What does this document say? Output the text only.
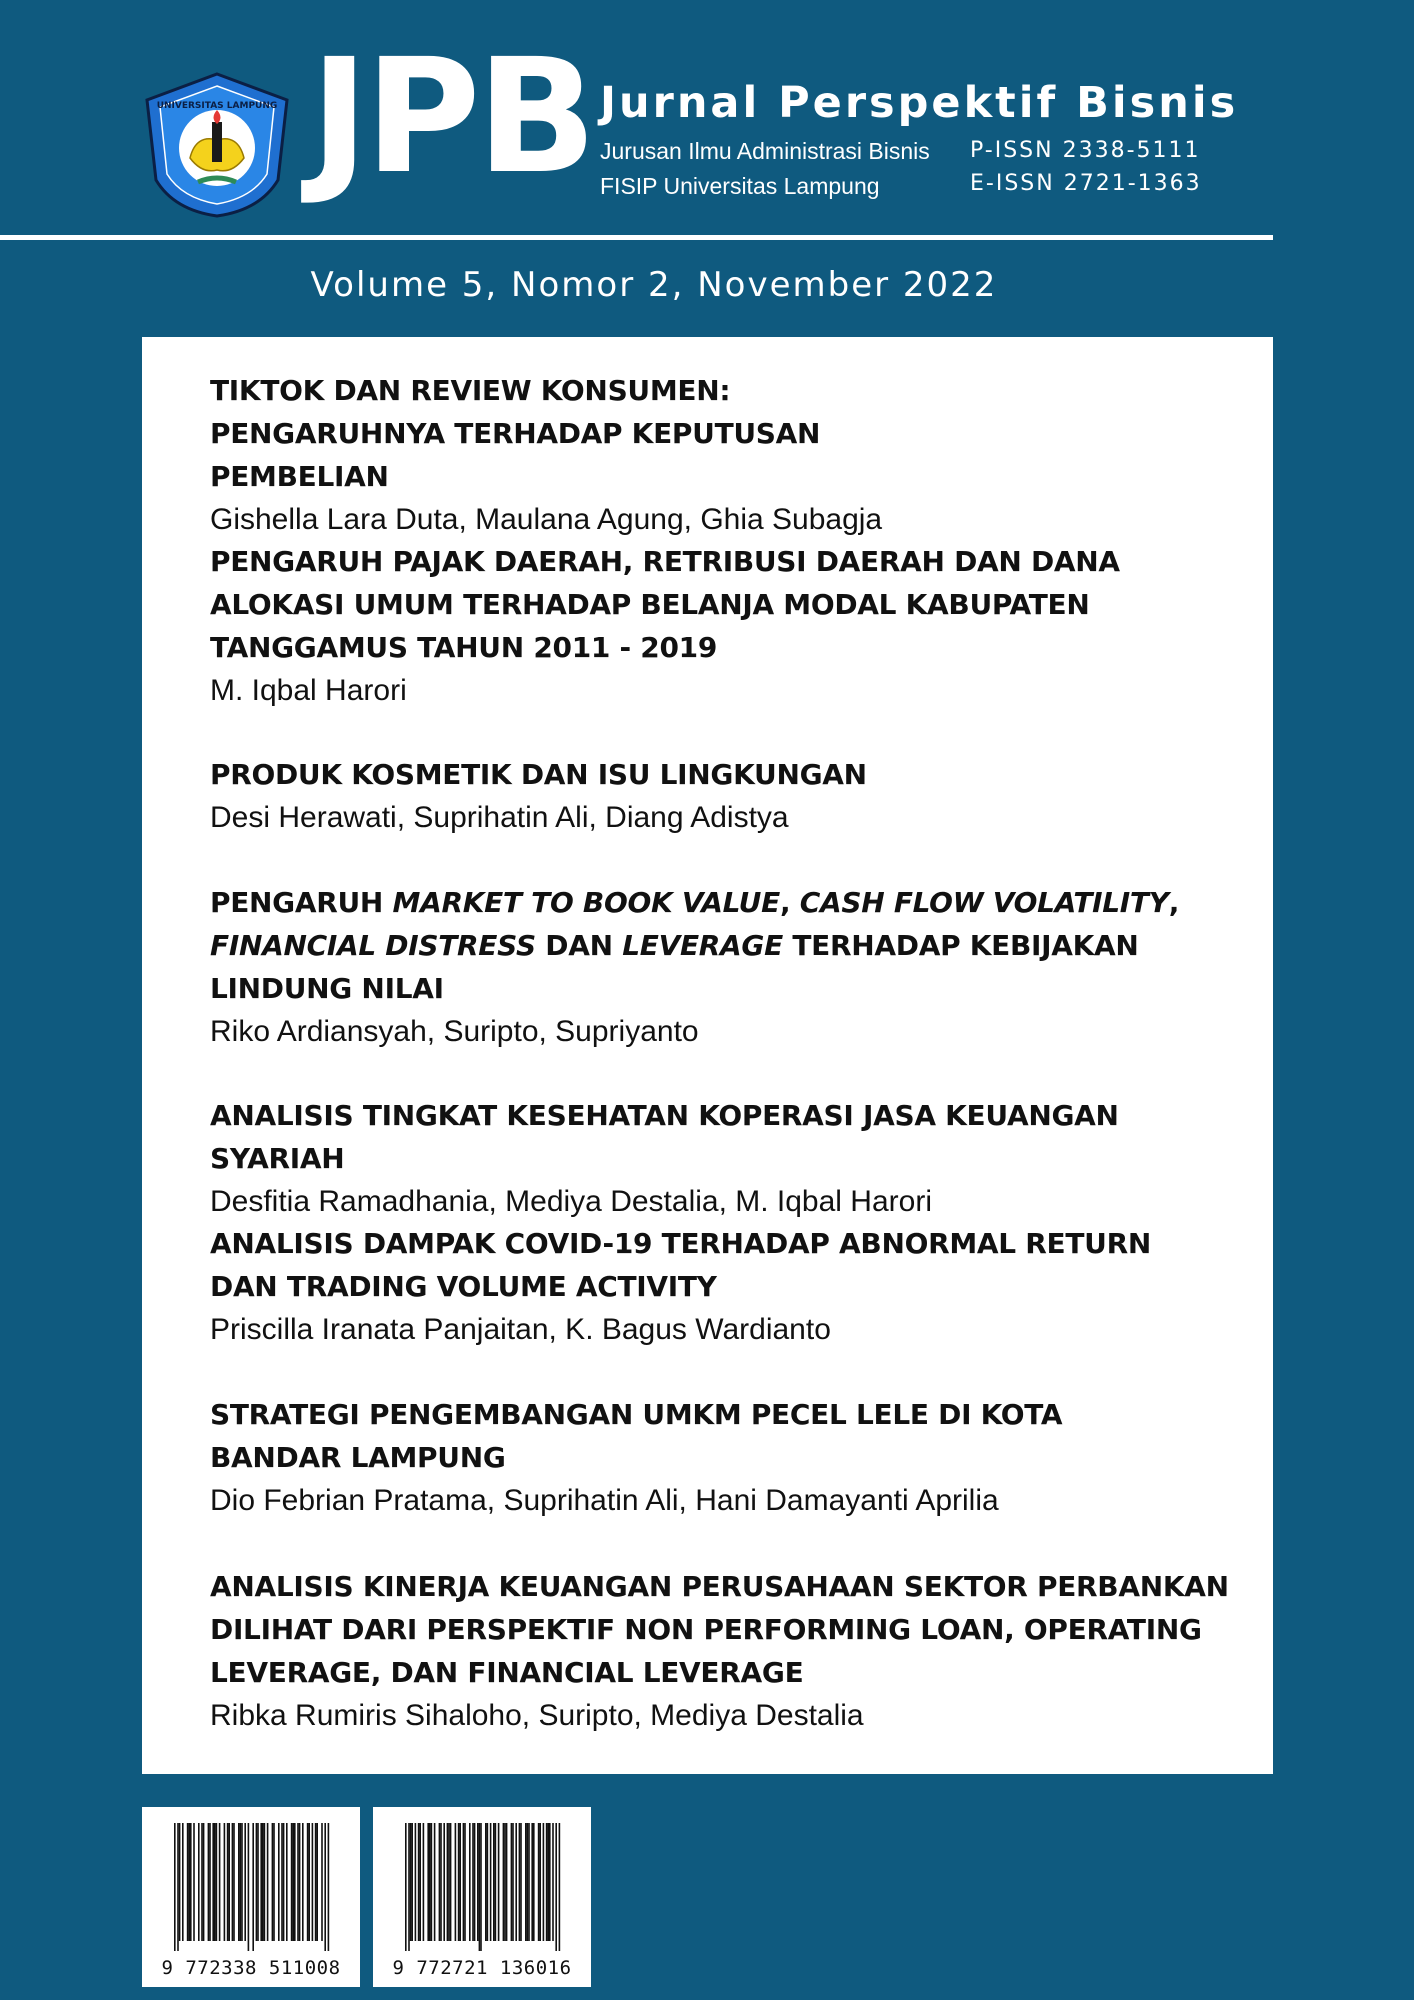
UNIVERSITAS LAMPUNG JPB Jurnal Perspektif Bisnis
Jurusan Ilmu Administrasi Bisnis
FISIP Universitas Lampung
P-ISSN 2338-5111
E-ISSN 2721-1363
Volume 5, Nomor 2, November 2022
TIKTOK DAN REVIEW KONSUMEN: PENGARUHNYA TERHADAP KEPUTUSAN PEMBELIAN
Gishella Lara Duta, Maulana Agung, Ghia Subagja
PENGARUH PAJAK DAERAH, RETRIBUSI DAERAH DAN DANA ALOKASI UMUM TERHADAP BELANJA MODAL KABUPATEN TANGGAMUS TAHUN 2011 - 2019
M. Iqbal Harori
PRODUK KOSMETIK DAN ISU LINGKUNGAN
Desi Herawati, Suprihatin Ali, Diang Adistya
PENGARUH MARKET TO BOOK VALUE, CASH FLOW VOLATILITY, FINANCIAL DISTRESS DAN LEVERAGE TERHADAP KEBIJAKAN LINDUNG NILAI
Riko Ardiansyah, Suripto, Supriyanto
ANALISIS TINGKAT KESEHATAN KOPERASI JASA KEUANGAN SYARIAH
Desfitia Ramadhania, Mediya Destalia, M. Iqbal Harori
ANALISIS DAMPAK COVID-19 TERHADAP ABNORMAL RETURN DAN TRADING VOLUME ACTIVITY
Priscilla Iranata Panjaitan, K. Bagus Wardianto
STRATEGI PENGEMBANGAN UMKM PECEL LELE DI KOTA BANDAR LAMPUNG
Dio Febrian Pratama, Suprihatin Ali, Hani Damayanti Aprilia
ANALISIS KINERJA KEUANGAN PERUSAHAAN SEKTOR PERBANKAN DILIHAT DARI PERSPEKTIF NON PERFORMING LOAN, OPERATING LEVERAGE, DAN FINANCIAL LEVERAGE
Ribka Rumiris Sihaloho, Suripto, Mediya Destalia
9 772338 511008	9 772721 136016
